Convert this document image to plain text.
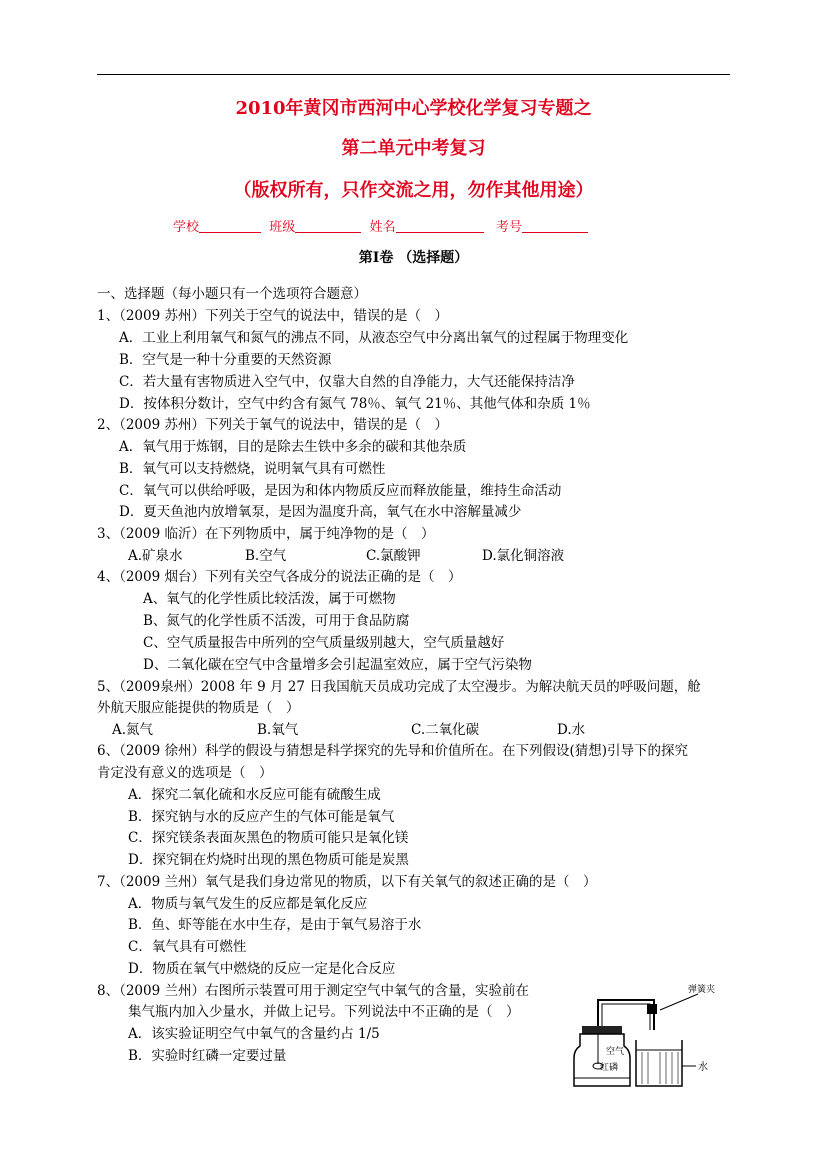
2010年黄冈市西河中心学校化学复习专题之
第二单元中考复习
（版权所有，只作交流之用，勿作其他用途）
学校	班级	姓名	考号
第Ⅰ卷 （选择题）
一、选择题（每小题只有一个选项符合题意）
1、（2009 苏州）下列关于空气的说法中，错误的是（　）
A．工业上利用氧气和氮气的沸点不同，从液态空气中分离出氧气的过程属于物理变化
B．空气是一种十分重要的天然资源
C．若大量有害物质进入空气中，仅靠大自然的自净能力，大气还能保持洁净
D．按体积分数计，空气中约含有氮气 78％、氧气 21％、其他气体和杂质 1％
2、（2009 苏州）下列关于氧气的说法中，错误的是（　）
A．氧气用于炼钢，目的是除去生铁中多余的碳和其他杂质
B．氧气可以支持燃烧，说明氧气具有可燃性
C．氧气可以供给呼吸，是因为和体内物质反应而释放能量，维持生命活动
D．夏天鱼池内放增氧泵，是因为温度升高，氧气在水中溶解量减少
3、（2009 临沂）在下列物质中，属于纯净物的是（　）
A.矿泉水	B.空气	C.氯酸钾	D.氯化铜溶液
4、（2009 烟台）下列有关空气各成分的说法正确的是（　）
A、氧气的化学性质比较活泼，属于可燃物
B、氮气的化学性质不活泼，可用于食品防腐
C、空气质量报告中所列的空气质量级别越大，空气质量越好
D、二氧化碳在空气中含量增多会引起温室效应，属于空气污染物
5、（2009泉州）2008 年 9 月 27 日我国航天员成功完成了太空漫步。为解决航天员的呼吸问题，舱
外航天服应能提供的物质是（　）
A.氮气	B.氧气	C.二氧化碳	D.水
6、（2009 徐州）科学的假设与猜想是科学探究的先导和价值所在。在下列假设(猜想)引导下的探究
肯定没有意义的选项是（　）
A．探究二氧化硫和水反应可能有硫酸生成
B．探究钠与水的反应产生的气体可能是氧气
C．探究镁条表面灰黑色的物质可能只是氧化镁
D．探究铜在灼烧时出现的黑色物质可能是炭黑
7、（2009 兰州）氧气是我们身边常见的物质，以下有关氧气的叙述正确的是（　）
A．物质与氧气发生的反应都是氧化反应
B．鱼、虾等能在水中生存，是由于氧气易溶于水
C．氧气具有可燃性
D．物质在氧气中燃烧的反应一定是化合反应
8、（2009 兰州）右图所示装置可用于测定空气中氧气的含量，实验前在
集气瓶内加入少量水，并做上记号。下列说法中不正确的是（　）
A．该实验证明空气中氧气的含量约占 1/5
B．实验时红磷一定要过量
弹簧夹
空气
红磷	水
